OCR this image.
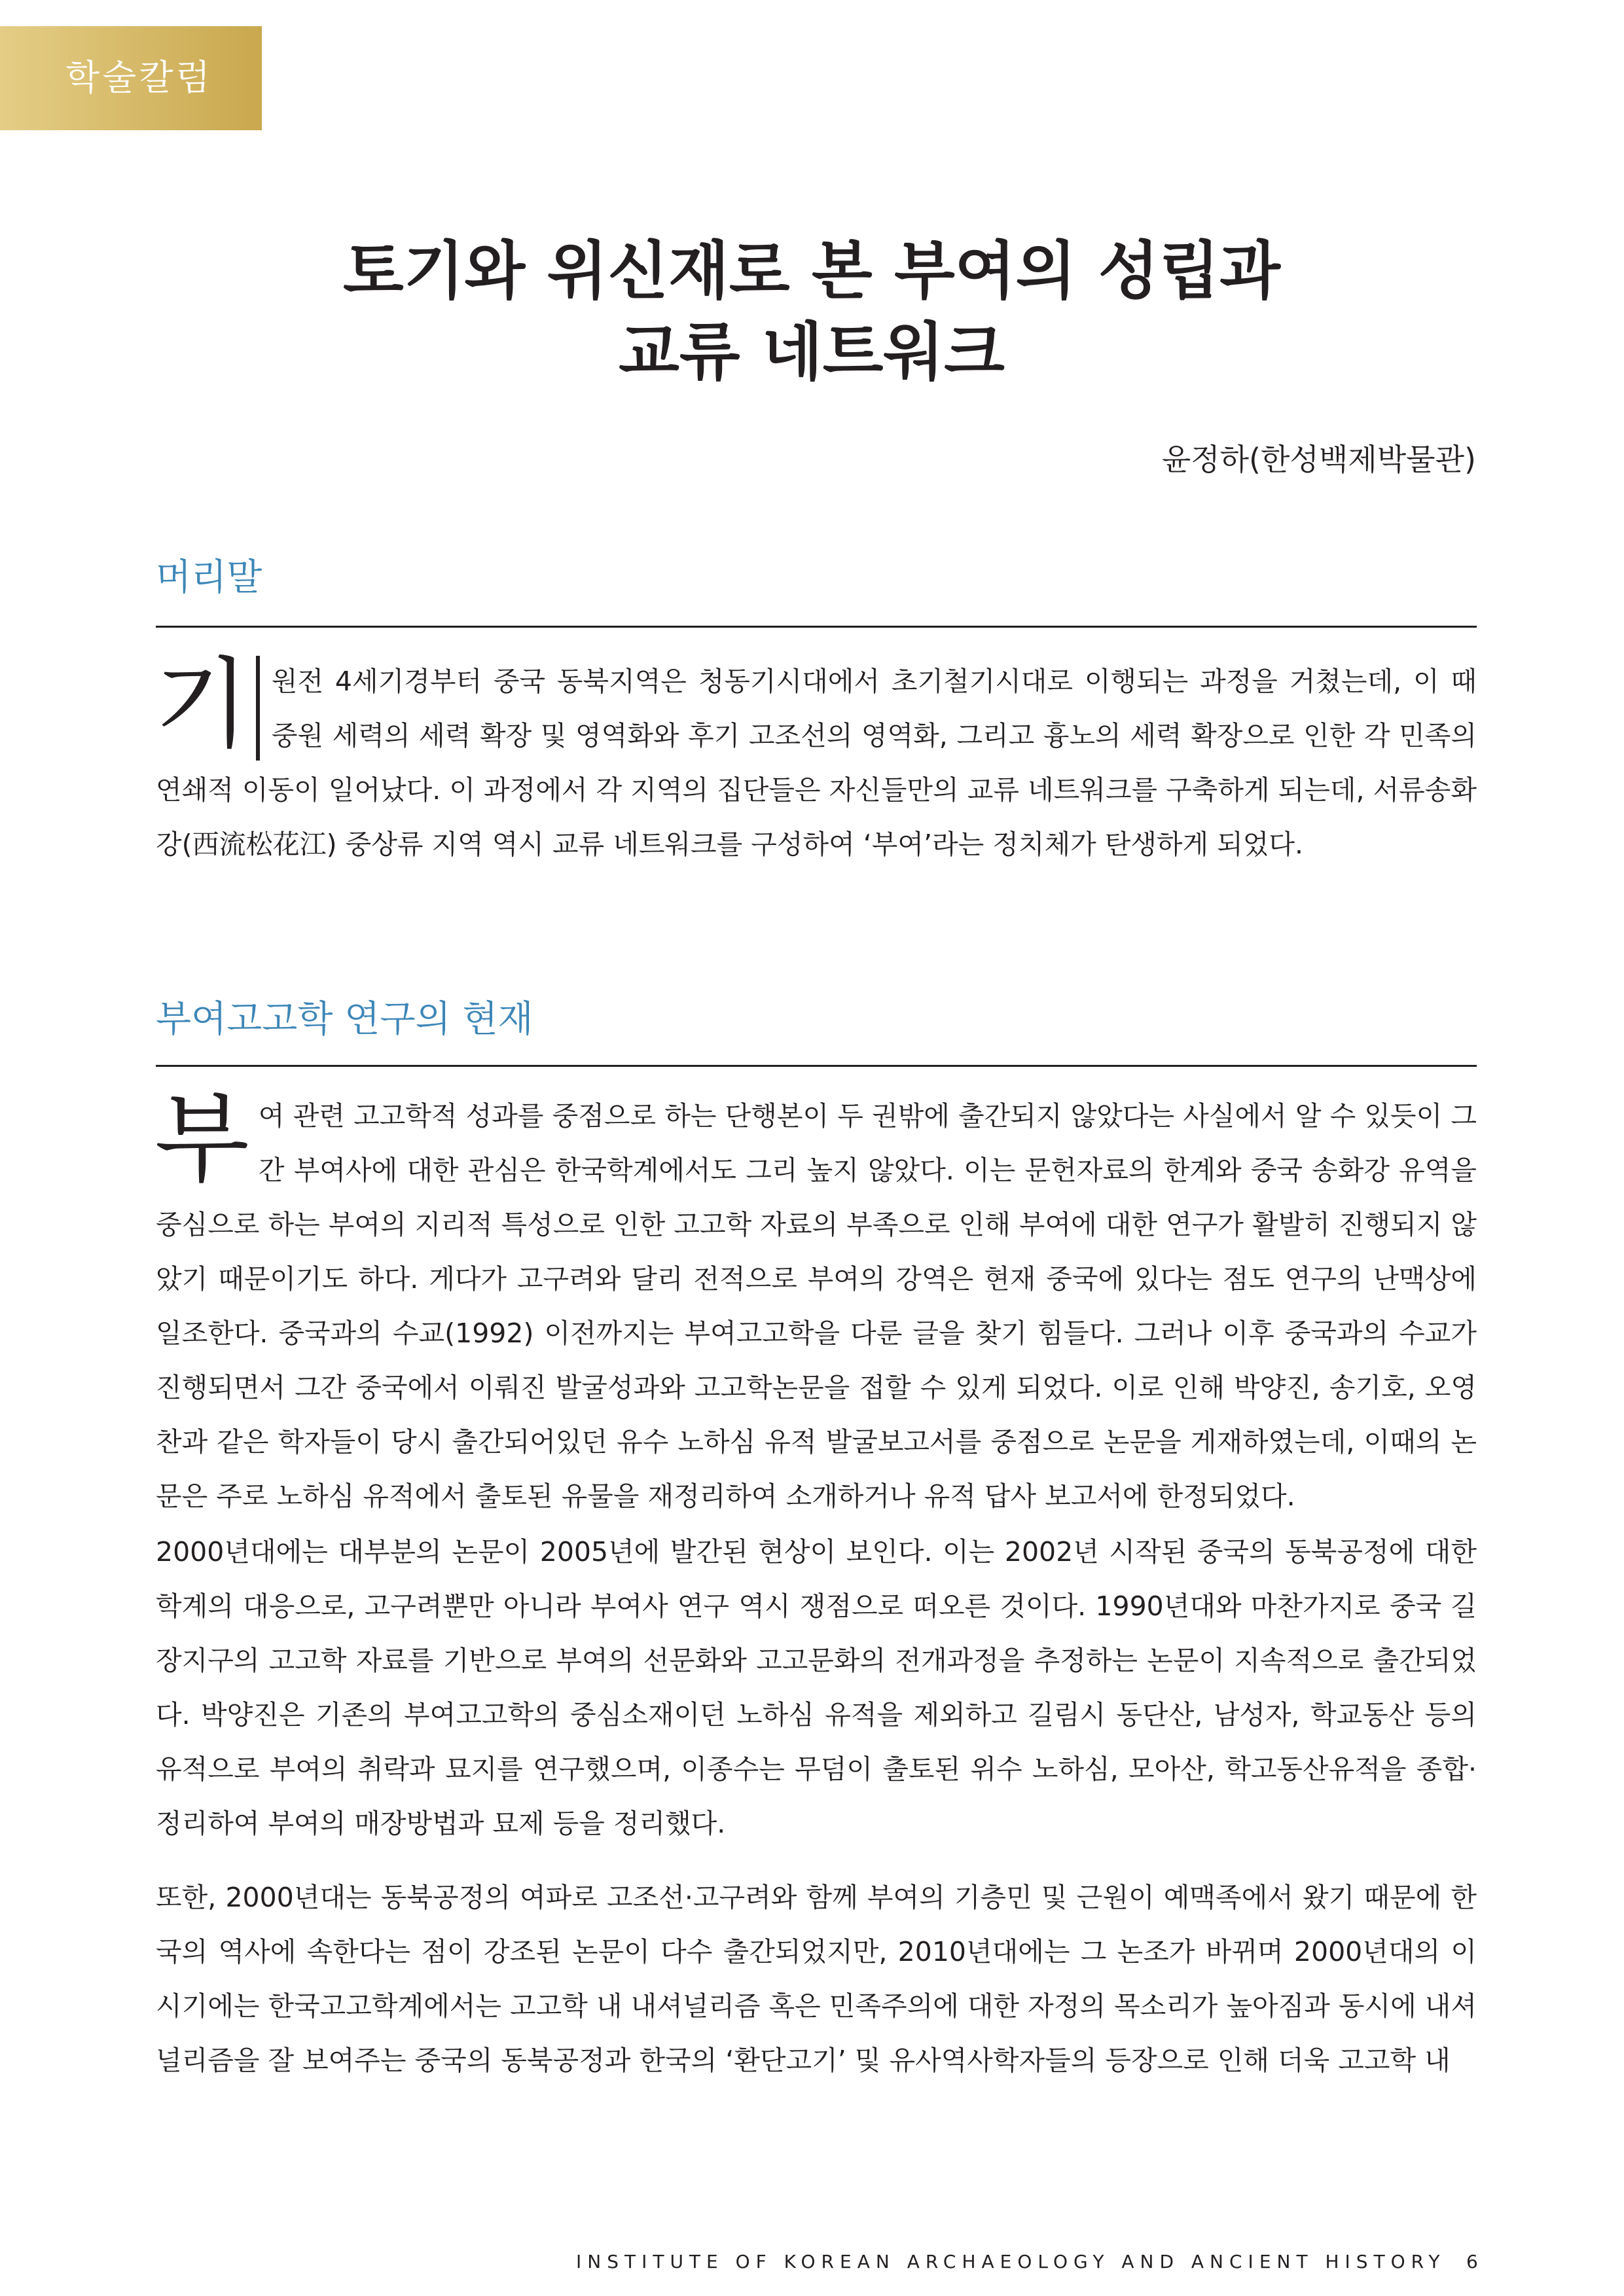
학술칼럼
토기와 위신재로 본 부여의 성립과
교류 네트워크
윤정하(한성백제박물관)
머리말
기 원전 4세기경부터 중국 동북지역은 청동기시대에서 초기철기시대로 이행되는 과정을 거쳤는데, 이 때 중원 세력의 세력 확장 및 영역화와 후기 고조선의 영역화, 그리고 흉노의 세력 확장으로 인한 각 민족의 연쇄적 이동이 일어났다. 이 과정에서 각 지역의 집단들은 자신들만의 교류 네트워크를 구축하게 되는데, 서류송화강(西流松花江) 중상류 지역 역시 교류 네트워크를 구성하여 ‘부여’라는 정치체가 탄생하게 되었다.
부여고고학 연구의 현재
부여 관련 고고학적 성과를 중점으로 하는 단행본이 두 권밖에 출간되지 않았다는 사실에서 알 수 있듯이 그간 부여사에 대한 관심은 한국학계에서도 그리 높지 않았다. 이는 문헌자료의 한계와 중국 송화강 유역을 중심으로 하는 부여의 지리적 특성으로 인한 고고학 자료의 부족으로 인해 부여에 대한 연구가 활발히 진행되지 않았기 때문이기도 하다. 게다가 고구려와 달리 전적으로 부여의 강역은 현재 중국에 있다는 점도 연구의 난맥상에 일조한다. 중국과의 수교(1992) 이전까지는 부여고고학을 다룬 글을 찾기 힘들다. 그러나 이후 중국과의 수교가 진행되면서 그간 중국에서 이뤄진 발굴성과와 고고학논문을 접할 수 있게 되었다. 이로 인해 박양진, 송기호, 오영찬과 같은 학자들이 당시 출간되어있던 유수 노하심 유적 발굴보고서를 중점으로 논문을 게재하였는데, 이때의 논문은 주로 노하심 유적에서 출토된 유물을 재정리하여 소개하거나 유적 답사 보고서에 한정되었다.
2000년대에는 대부분의 논문이 2005년에 발간된 현상이 보인다. 이는 2002년 시작된 중국의 동북공정에 대한 학계의 대응으로, 고구려뿐만 아니라 부여사 연구 역시 쟁점으로 떠오른 것이다. 1990년대와 마찬가지로 중국 길장지구의 고고학 자료를 기반으로 부여의 선문화와 고고문화의 전개과정을 추정하는 논문이 지속적으로 출간되었다. 박양진은 기존의 부여고고학의 중심소재이던 노하심 유적을 제외하고 길림시 동단산, 남성자, 학교동산 등의 유적으로 부여의 취락과 묘지를 연구했으며, 이종수는 무덤이 출토된 위수 노하심, 모아산, 학고동산유적을 종합·정리하여 부여의 매장방법과 묘제 등을 정리했다.
또한, 2000년대는 동북공정의 여파로 고조선·고구려와 함께 부여의 기층민 및 근원이 예맥족에서 왔기 때문에 한국의 역사에 속한다는 점이 강조된 논문이 다수 출간되었지만, 2010년대에는 그 논조가 바뀌며 2000년대의 이 시기에는 한국고고학계에서는 고고학 내 내셔널리즘 혹은 민족주의에 대한 자정의 목소리가 높아짐과 동시에 내셔널리즘을 잘 보여주는 중국의 동북공정과 한국의 ‘환단고기’ 및 유사역사학자들의 등장으로 인해 더욱 고고학 내
INSTITUTE OF KOREAN ARCHAEOLOGY AND ANCIENT HISTORY 6
